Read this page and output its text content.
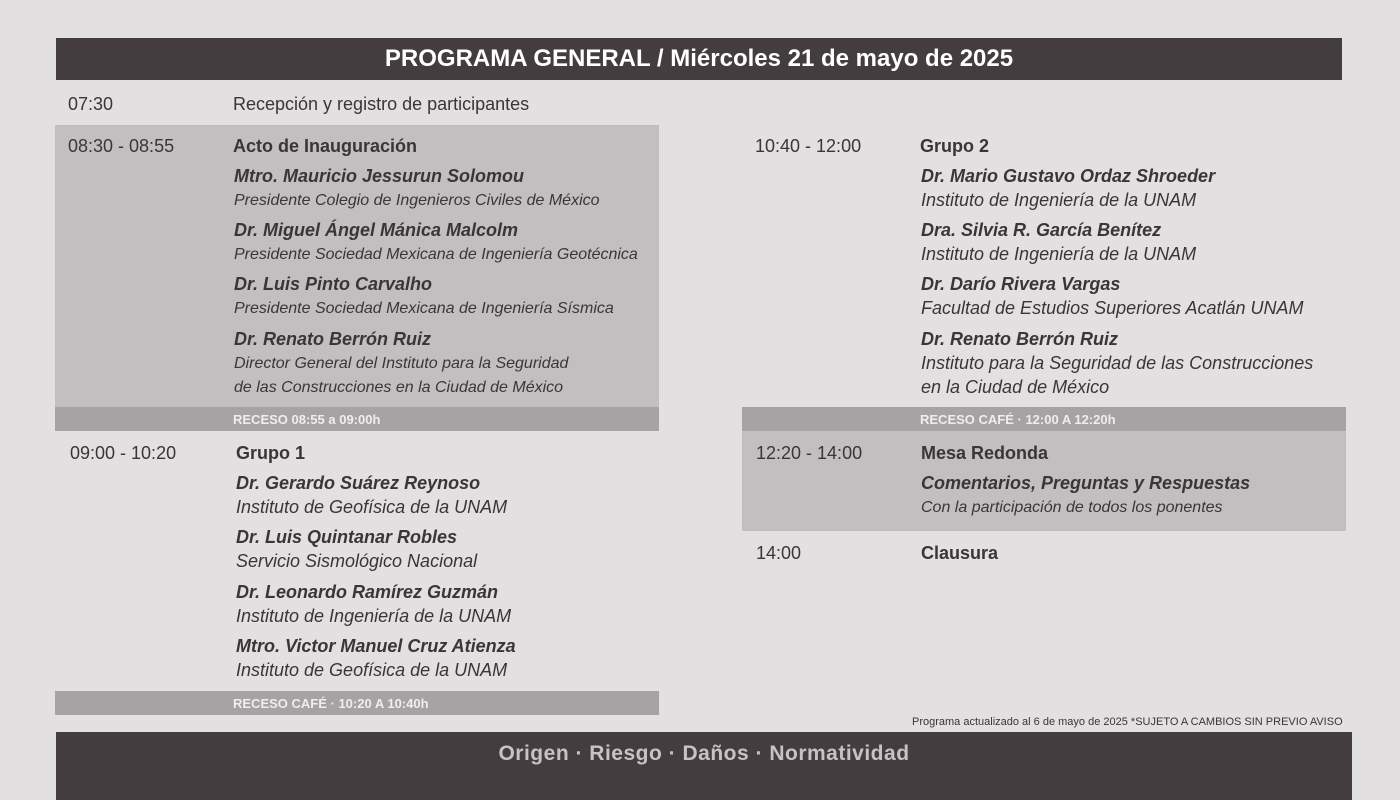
PROGRAMA GENERAL / Miércoles 21 de mayo de 2025
07:30	Recepción y registro de participantes
08:30 - 08:55	Acto de Inauguración
Mtro. Mauricio Jessurun Solomou
Presidente Colegio de Ingenieros Civiles de México
Dr. Miguel Ángel Mánica Malcolm
Presidente Sociedad Mexicana de Ingeniería Geotécnica
Dr. Luis Pinto Carvalho
Presidente Sociedad Mexicana de Ingeniería Sísmica
Dr. Renato Berrón Ruiz
Director General del Instituto para la Seguridad
de las Construcciones en la Ciudad de México
RECESO 08:55 a 09:00h
09:00 - 10:20	Grupo 1
Dr. Gerardo Suárez Reynoso
Instituto de Geofísica de la UNAM
Dr. Luis Quintanar Robles
Servicio Sismológico Nacional
Dr. Leonardo Ramírez Guzmán
Instituto de Ingeniería de la UNAM
Mtro. Victor Manuel Cruz Atienza
Instituto de Geofísica de la UNAM
RECESO CAFÉ · 10:20 A 10:40h
10:40 - 12:00	Grupo 2
Dr. Mario Gustavo Ordaz Shroeder
Instituto de Ingeniería de la UNAM
Dra. Silvia R. García Benítez
Instituto de Ingeniería de la UNAM
Dr. Darío Rivera Vargas
Facultad de Estudios Superiores Acatlán UNAM
Dr. Renato Berrón Ruiz
Instituto para la Seguridad de las Construcciones
en la Ciudad de México
RECESO CAFÉ · 12:00 A 12:20h
12:20 - 14:00	Mesa Redonda
Comentarios, Preguntas y Respuestas
Con la participación de todos los ponentes
14:00	Clausura
Programa actualizado al 6 de mayo de 2025 *SUJETO A CAMBIOS SIN PREVIO AVISO
Origen · Riesgo · Daños · Normatividad
